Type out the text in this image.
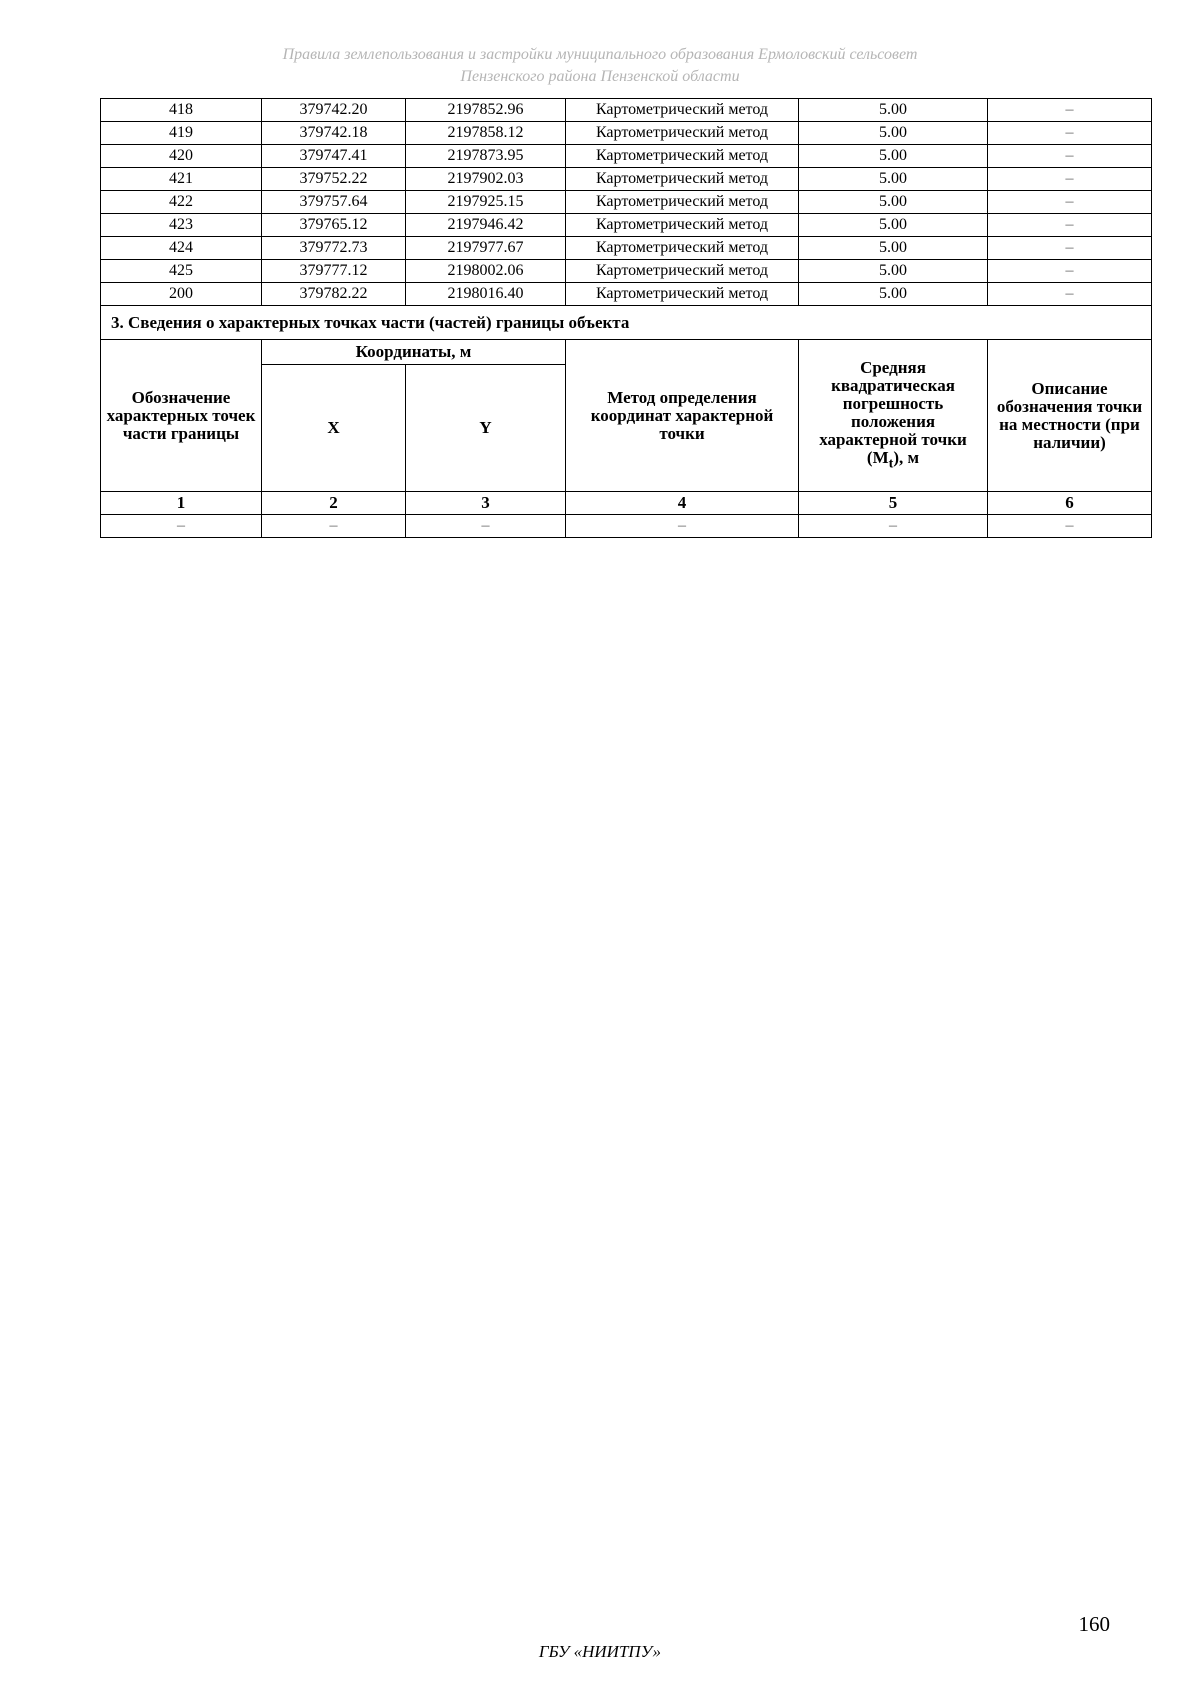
Правила землепользования и застройки муниципального образования Ермоловский сельсовет
Пензенского района Пензенской области
418	379742.20	2197852.96	Картометрический метод	5.00	–
419	379742.18	2197858.12	Картометрический метод	5.00	–
420	379747.41	2197873.95	Картометрический метод	5.00	–
421	379752.22	2197902.03	Картометрический метод	5.00	–
422	379757.64	2197925.15	Картометрический метод	5.00	–
423	379765.12	2197946.42	Картометрический метод	5.00	–
424	379772.73	2197977.67	Картометрический метод	5.00	–
425	379777.12	2198002.06	Картометрический метод	5.00	–
200	379782.22	2198016.40	Картометрический метод	5.00	–
3. Сведения о характерных точках части (частей) границы объекта					
Обозначение характерных точек части границы	Координаты, м		Метод определения координат характерной точки	Средняя квадратическая погрешность положения характерной точки $(M_t)$, м	Описание обозначения точки на местности (при наличии)
	X	Y			
1	2	3	4	5	6
–	–	–	–	–	–
160
ГБУ «НИИТПУ»
